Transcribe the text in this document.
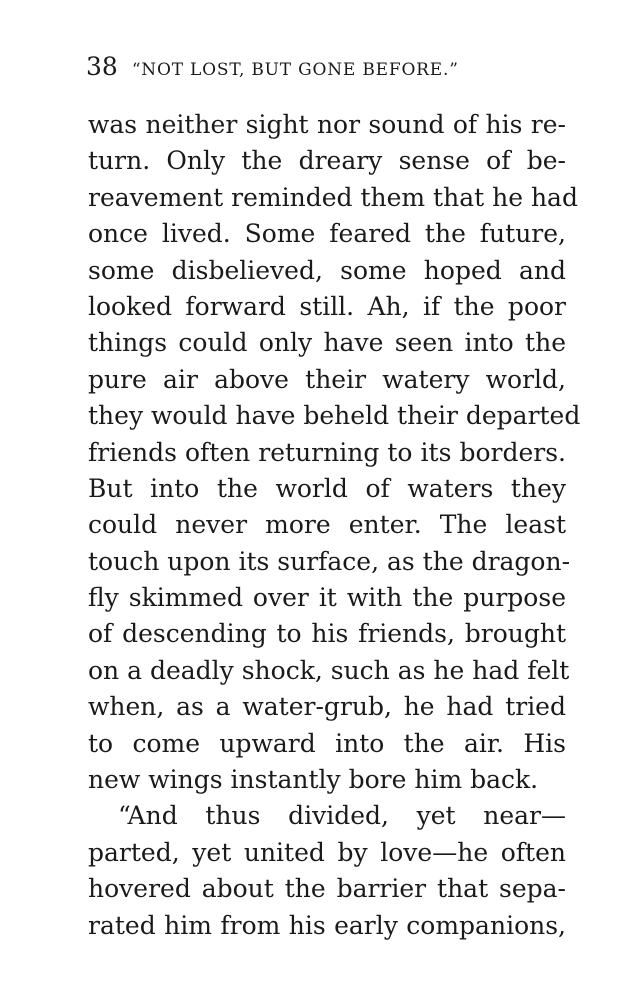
38 “NOT LOST, BUT GONE BEFORE.”
was neither sight nor sound of his re-
turn. Only the dreary sense of be-
reavement reminded them that he had
once lived. Some feared the future,
some disbelieved, some hoped and
looked forward still. Ah, if the poor
things could only have seen into the
pure air above their watery world,
they would have beheld their departed
friends often returning to its borders.
But into the world of waters they
could never more enter. The least
touch upon its surface, as the dragon-
fly skimmed over it with the purpose
of descending to his friends, brought
on a deadly shock, such as he had felt
when, as a water-grub, he had tried
to come upward into the air. His
new wings instantly bore him back.
“And thus divided, yet near—
parted, yet united by love—he often
hovered about the barrier that sepa-
rated him from his early companions,
